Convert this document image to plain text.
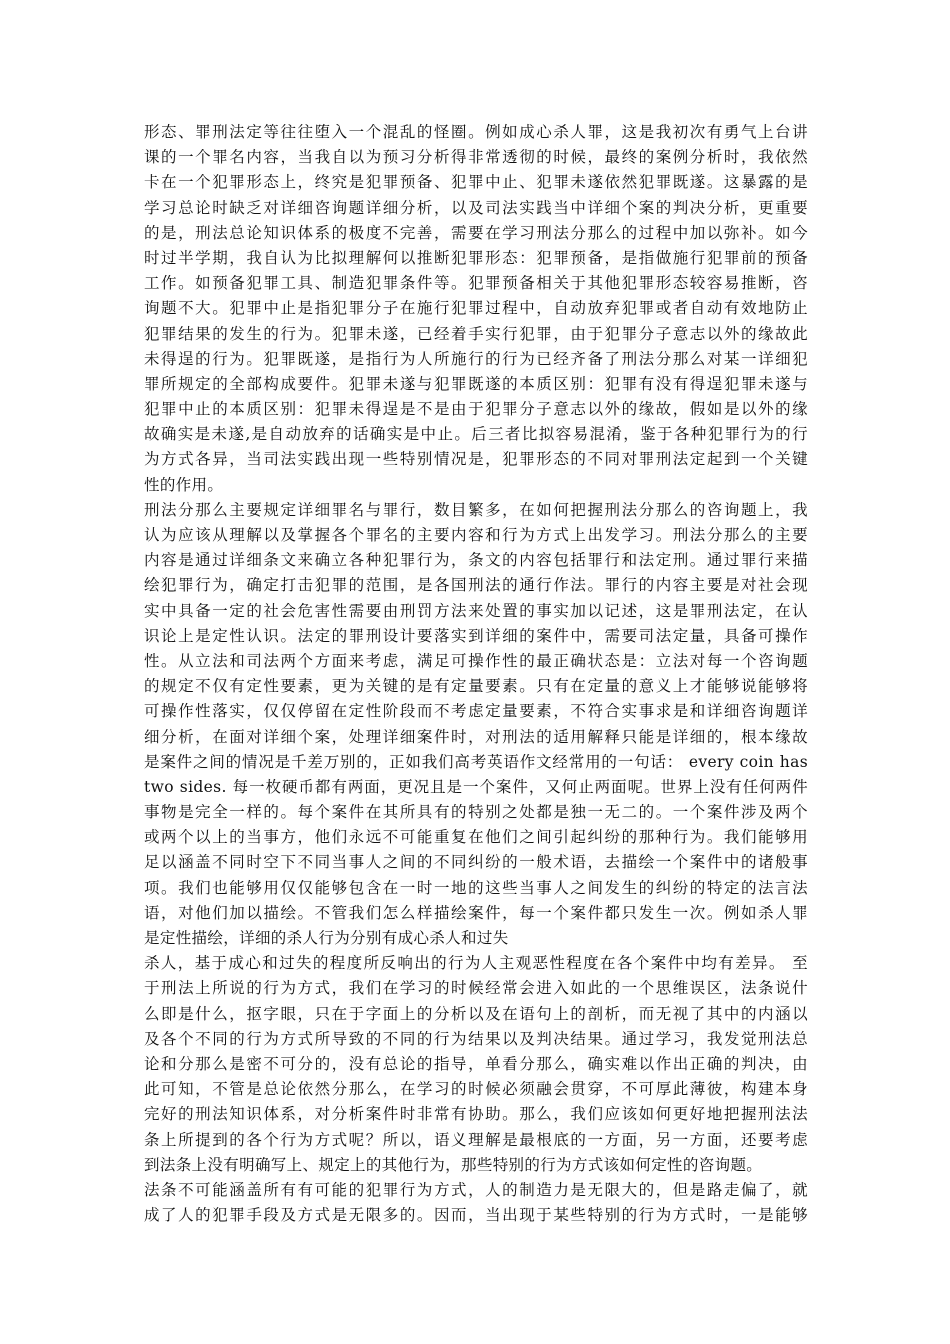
形态、罪刑法定等往往堕入一个混乱的怪圈。例如成心杀人罪，这是我初次有勇气上台讲
课的一个罪名内容，当我自以为预习分析得非常透彻的时候，最终的案例分析时，我依然
卡在一个犯罪形态上，终究是犯罪预备、犯罪中止、犯罪未遂依然犯罪既遂。这暴露的是
学习总论时缺乏对详细咨询题详细分析，以及司法实践当中详细个案的判决分析，更重要
的是，刑法总论知识体系的极度不完善，需要在学习刑法分那么的过程中加以弥补。如今
时过半学期，我自认为比拟理解何以推断犯罪形态：犯罪预备，是指做施行犯罪前的预备
工作。如预备犯罪工具、制造犯罪条件等。犯罪预备相关于其他犯罪形态较容易推断，咨
询题不大。犯罪中止是指犯罪分子在施行犯罪过程中，自动放弃犯罪或者自动有效地防止
犯罪结果的发生的行为。犯罪未遂，已经着手实行犯罪，由于犯罪分子意志以外的缘故此
未得逞的行为。犯罪既遂，是指行为人所施行的行为已经齐备了刑法分那么对某一详细犯
罪所规定的全部构成要件。犯罪未遂与犯罪既遂的本质区别：犯罪有没有得逞犯罪未遂与
犯罪中止的本质区别：犯罪未得逞是不是由于犯罪分子意志以外的缘故，假如是以外的缘
故确实是未遂,是自动放弃的话确实是中止。后三者比拟容易混淆，鉴于各种犯罪行为的行
为方式各异，当司法实践出现一些特别情况是，犯罪形态的不同对罪刑法定起到一个关键
性的作用。
刑法分那么主要规定详细罪名与罪行，数目繁多，在如何把握刑法分那么的咨询题上，我
认为应该从理解以及掌握各个罪名的主要内容和行为方式上出发学习。刑法分那么的主要
内容是通过详细条文来确立各种犯罪行为，条文的内容包括罪行和法定刑。通过罪行来描
绘犯罪行为，确定打击犯罪的范围，是各国刑法的通行作法。罪行的内容主要是对社会现
实中具备一定的社会危害性需要由刑罚方法来处置的事实加以记述，这是罪刑法定，在认
识论上是定性认识。法定的罪刑设计要落实到详细的案件中，需要司法定量，具备可操作
性。从立法和司法两个方面来考虑，满足可操作性的最正确状态是：立法对每一个咨询题
的规定不仅有定性要素，更为关键的是有定量要素。只有在定量的意义上才能够说能够将
可操作性落实，仅仅停留在定性阶段而不考虑定量要素，不符合实事求是和详细咨询题详
细分析，在面对详细个案，处理详细案件时，对刑法的适用解释只能是详细的，根本缘故
是案件之间的情况是千差万别的，正如我们高考英语作文经常用的一句话： every coin has
two sides. 每一枚硬币都有两面，更况且是一个案件，又何止两面呢。世界上没有任何两件
事物是完全一样的。每个案件在其所具有的特别之处都是独一无二的。一个案件涉及两个
或两个以上的当事方，他们永远不可能重复在他们之间引起纠纷的那种行为。我们能够用
足以涵盖不同时空下不同当事人之间的不同纠纷的一般术语，去描绘一个案件中的诸般事
项。我们也能够用仅仅能够包含在一时一地的这些当事人之间发生的纠纷的特定的法言法
语，对他们加以描绘。不管我们怎么样描绘案件，每一个案件都只发生一次。例如杀人罪
是定性描绘，详细的杀人行为分别有成心杀人和过失
杀人，基于成心和过失的程度所反响出的行为人主观恶性程度在各个案件中均有差异。 至
于刑法上所说的行为方式，我们在学习的时候经常会进入如此的一个思维误区，法条说什
么即是什么，抠字眼，只在于字面上的分析以及在语句上的剖析，而无视了其中的内涵以
及各个不同的行为方式所导致的不同的行为结果以及判决结果。通过学习，我发觉刑法总
论和分那么是密不可分的，没有总论的指导，单看分那么，确实难以作出正确的判决，由
此可知，不管是总论依然分那么，在学习的时候必须融会贯穿，不可厚此薄彼，构建本身
完好的刑法知识体系，对分析案件时非常有协助。那么，我们应该如何更好地把握刑法法
条上所提到的各个行为方式呢？所以，语义理解是最根底的一方面，另一方面，还要考虑
到法条上没有明确写上、规定上的其他行为，那些特别的行为方式该如何定性的咨询题。
法条不可能涵盖所有有可能的犯罪行为方式，人的制造力是无限大的，但是路走偏了，就
成了人的犯罪手段及方式是无限多的。因而，当出现于某些特别的行为方式时，一是能够
